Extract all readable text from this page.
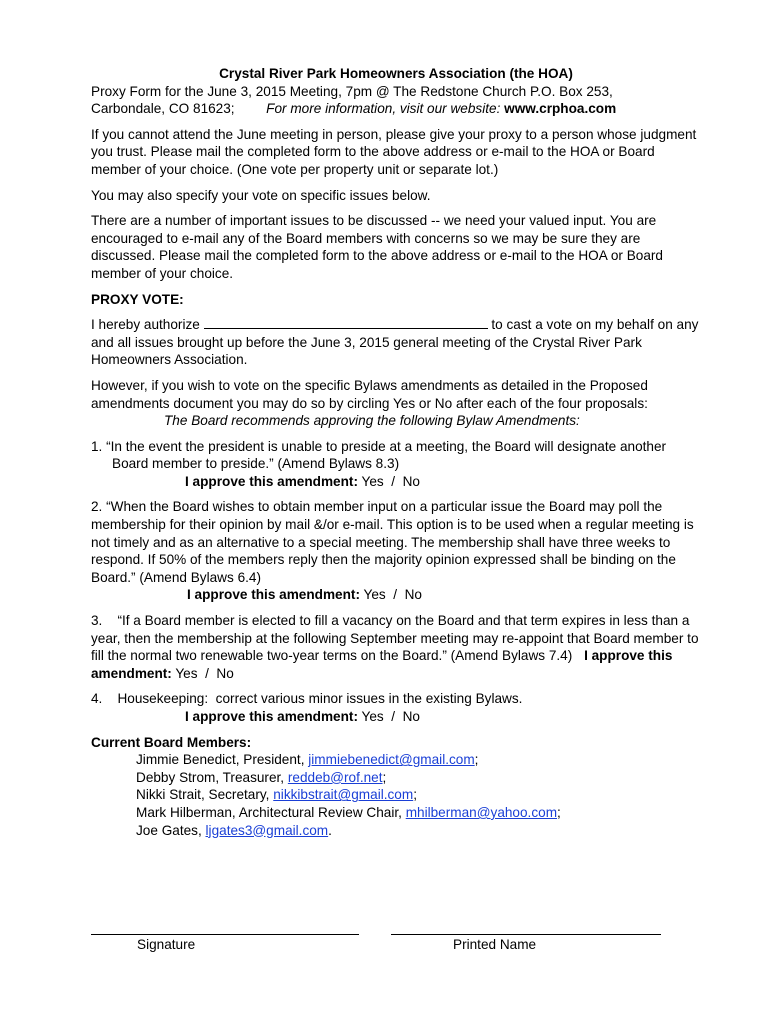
Crystal River Park Homeowners Association (the HOA)

Proxy Form for the June 3, 2015 Meeting, 7pm @ The Redstone Church P.O. Box 253,

Carbondale, CO 81623; For more information, visit our website: www.crphoa.com

If you cannot attend the June meeting in person, please give your proxy to a person whose judgment you trust. Please mail the completed form to the above address or e-mail to the HOA or Board member of your choice. (One vote per property unit or separate lot.)

You may also specify your vote on specific issues below.

There are a number of important issues to be discussed -- we need your valued input. You are encouraged to e-mail any of the Board members with concerns so we may be sure they are discussed. Please mail the completed form to the above address or e-mail to the HOA or Board member of your choice.

PROXY VOTE:

I hereby authorize	to cast a vote on my behalf on any and all issues brought up before the June 3, 2015 general meeting of the Crystal River Park Homeowners Association.

However, if you wish to vote on the specific Bylaws amendments as detailed in the Proposed amendments document you may do so by circling Yes or No after each of the four proposals:

The Board recommends approving the following Bylaw Amendments:

1. “In the event the president is unable to preside at a meeting, the Board will designate another Board member to preside.” (Amend Bylaws 8.3)

I approve this amendment: Yes  /  No

2. “When the Board wishes to obtain member input on a particular issue the Board may poll the membership for their opinion by mail &/or e-mail. This option is to be used when a regular meeting is not timely and as an alternative to a special meeting. The membership shall have three weeks to respond. If 50% of the members reply then the majority opinion expressed shall be binding on the Board.” (Amend Bylaws 6.4)

I approve this amendment: Yes  /  No

3.    “If a Board member is elected to fill a vacancy on the Board and that term expires in less than a year, then the membership at the following September meeting may re-appoint that Board member to fill the normal two renewable two-year terms on the Board.” (Amend Bylaws 7.4) I approve this amendment: Yes  /  No

4.    Housekeeping:  correct various minor issues in the existing Bylaws.

I approve this amendment: Yes  /  No

Current Board Members:

Jimmie Benedict, President, jimmiebenedict@gmail.com;

Debby Strom, Treasurer, reddeb@rof.net;

Nikki Strait, Secretary, nikkibstrait@gmail.com;

Mark Hilberman, Architectural Review Chair, mhilberman@yahoo.com;

Joe Gates, ljgates3@gmail.com.

Signature	Printed Name
